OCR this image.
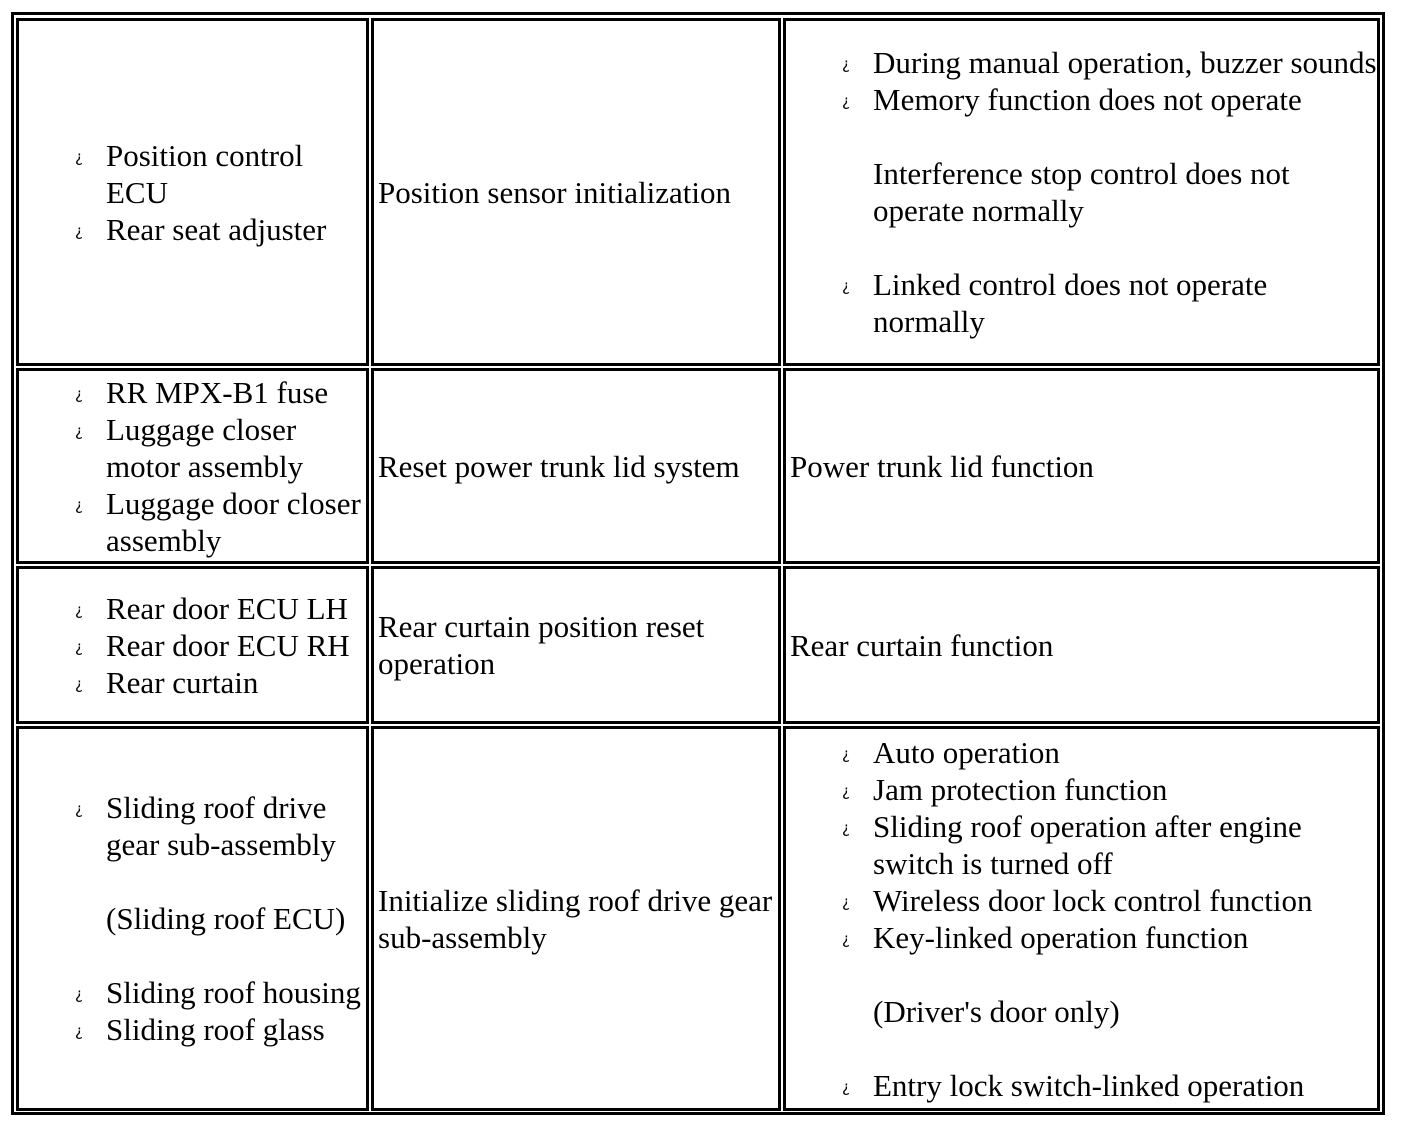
¿ Position control ECU
¿ Rear seat adjuster
Position sensor initialization
¿ During manual operation, buzzer sounds
¿ Memory function does not operate
Interference stop control does not operate normally
¿ Linked control does not operate normally
¿ RR MPX-B1 fuse
¿ Luggage closer motor assembly
¿ Luggage door closer assembly
Reset power trunk lid system	Power trunk lid function
¿ Rear door ECU LH
¿ Rear door ECU RH
¿ Rear curtain
Rear curtain position reset operation
Rear curtain function
¿ Sliding roof drive gear sub-assembly
(Sliding roof ECU)
¿ Sliding roof housing
¿ Sliding roof glass
Initialize sliding roof drive gear sub-assembly
¿ Auto operation
¿ Jam protection function
¿ Sliding roof operation after engine switch is turned off
¿ Wireless door lock control function
¿ Key-linked operation function
(Driver's door only)
¿ Entry lock switch-linked operation
